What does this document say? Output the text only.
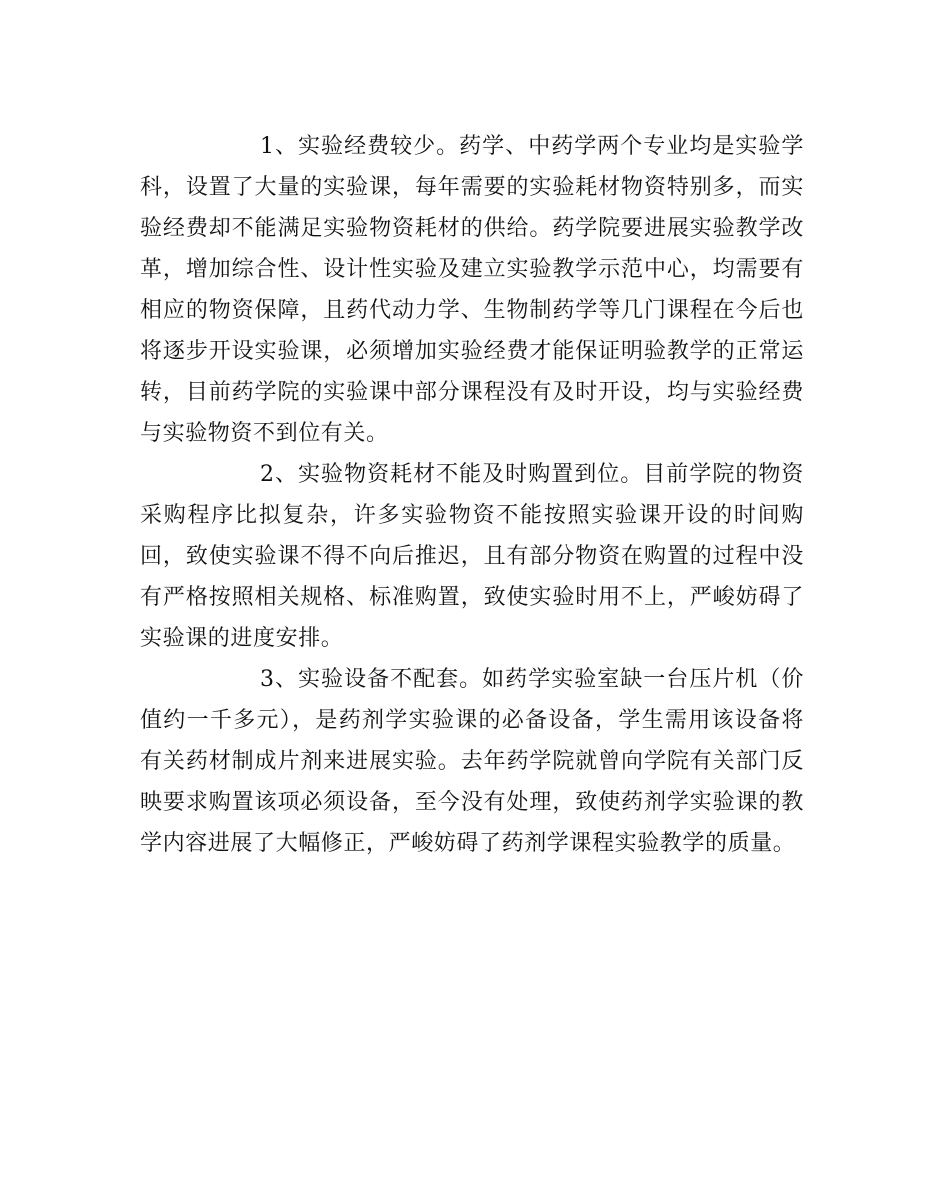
1、实验经费较少。药学、中药学两个专业均是实验学科，设置了大量的实验课，每年需要的实验耗材物资特别多，而实验经费却不能满足实验物资耗材的供给。药学院要进展实验教学改革，增加综合性、设计性实验及建立实验教学示范中心，均需要有相应的物资保障，且药代动力学、生物制药学等几门课程在今后也将逐步开设实验课，必须增加实验经费才能保证明验教学的正常运转，目前药学院的实验课中部分课程没有及时开设，均与实验经费与实验物资不到位有关。

2、实验物资耗材不能及时购置到位。目前学院的物资采购程序比拟复杂，许多实验物资不能按照实验课开设的时间购回，致使实验课不得不向后推迟，且有部分物资在购置的过程中没有严格按照相关规格、标准购置，致使实验时用不上，严峻妨碍了实验课的进度安排。

3、实验设备不配套。如药学实验室缺一台压片机（价值约一千多元），是药剂学实验课的必备设备，学生需用该设备将有关药材制成片剂来进展实验。去年药学院就曾向学院有关部门反映要求购置该项必须设备，至今没有处理，致使药剂学实验课的教学内容进展了大幅修正，严峻妨碍了药剂学课程实验教学的质量。
